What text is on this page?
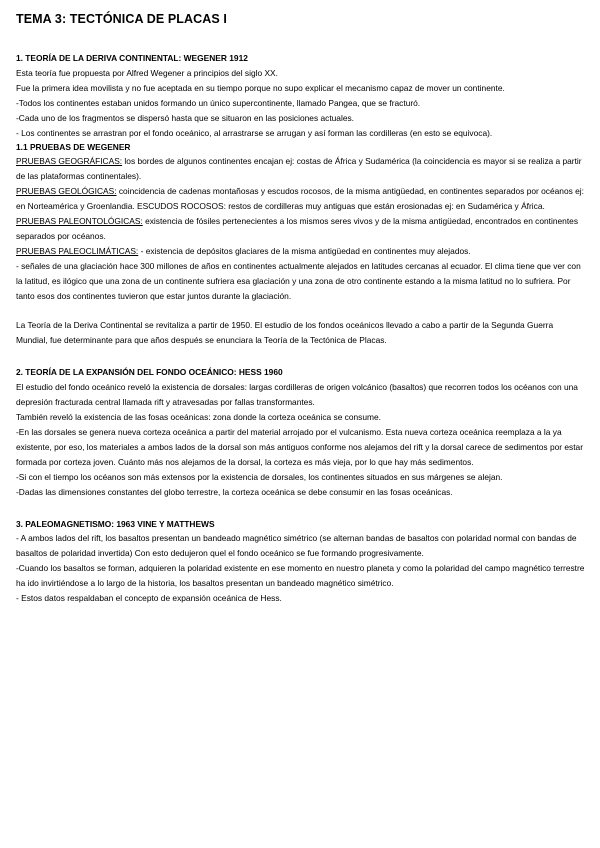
TEMA 3: TECTÓNICA DE PLACAS I
1. TEORÍA DE LA DERIVA CONTINENTAL: WEGENER 1912

Esta teoría fue propuesta por Alfred Wegener a principios del siglo XX.

Fue la primera idea movilista y no fue aceptada en su tiempo porque no supo explicar el mecanismo capaz de mover un continente.

-Todos los continentes estaban unidos formando un único supercontinente, llamado Pangea, que se fracturó.

-Cada uno de los fragmentos se dispersó hasta que se situaron en las posiciones actuales.

- Los continentes se arrastran por el fondo oceánico, al arrastrarse se arrugan y así forman las cordilleras (en esto se equivoca).

1.1 PRUEBAS DE WEGENER

PRUEBAS GEOGRÁFICAS: los bordes de algunos continentes encajan ej: costas de África y Sudamérica (la coincidencia es mayor si se realiza a partir de las plataformas continentales).

PRUEBAS GEOLÓGICAS: coincidencia de cadenas montañosas y escudos rocosos, de la misma antigüedad, en continentes separados por océanos ej: en Norteamérica y Groenlandia. ESCUDOS ROCOSOS: restos de cordilleras muy antiguas que están erosionadas ej: en Sudamérica y África.

PRUEBAS PALEONTOLÓGICAS: existencia de fósiles pertenecientes a los mismos seres vivos y de la misma antigüedad, encontrados en continentes separados por océanos.

PRUEBAS PALEOCLIMÁTICAS: - existencia de depósitos glaciares de la misma antigüedad en continentes muy alejados.

- señales de una glaciación hace 300 millones de años en continentes actualmente alejados en latitudes cercanas al ecuador. El clima tiene que ver con la latitud, es ilógico que una zona de un continente sufriera esa glaciación y una zona de otro continente estando a la misma latitud no lo sufriera. Por tanto esos dos continentes tuvieron que estar juntos durante la glaciación.

La Teoría de la Deriva Continental se revitaliza a partir de 1950. El estudio de los fondos oceánicos llevado a cabo a partir de la Segunda Guerra Mundial, fue determinante para que años después se enunciara la Teoría de la Tectónica de Placas.

2. TEORÍA DE LA EXPANSIÓN DEL FONDO OCEÁNICO: HESS 1960

El estudio del fondo oceánico reveló la existencia de dorsales: largas cordilleras de origen volcánico (basaltos) que recorren todos los océanos con una depresión fracturada central llamada rift y atravesadas por fallas transformantes.

También reveló la existencia de las fosas oceánicas: zona donde la corteza oceánica se consume.

-En las dorsales se genera nueva corteza oceánica a partir del material arrojado por el vulcanismo. Esta nueva corteza oceánica reemplaza a la ya existente, por eso, los materiales a ambos lados de la dorsal son más antiguos conforme nos alejamos del rift y la dorsal carece de sedimentos por estar formada por corteza joven. Cuánto más nos alejamos de la dorsal, la corteza es más vieja, por lo que hay más sedimentos.

-Si con el tiempo los océanos son más extensos por la existencia de dorsales, los continentes situados en sus márgenes se alejan.

-Dadas las dimensiones constantes del globo terrestre, la corteza oceánica se debe consumir en las fosas oceánicas.

3. PALEOMAGNETISMO: 1963 VINE Y MATTHEWS

- A ambos lados del rift, los basaltos presentan un bandeado magnético simétrico (se alternan bandas de basaltos con polaridad normal con bandas de basaltos de polaridad invertida) Con esto dedujeron quel el fondo oceánico se fue formando progresivamente.

-Cuando los basaltos se forman, adquieren la polaridad existente en ese momento en nuestro planeta y como la polaridad del campo magnético terrestre ha ido invirtiéndose a lo largo de la historia, los basaltos presentan un bandeado magnético simétrico.

- Estos datos respaldaban el concepto de expansión oceánica de Hess.
